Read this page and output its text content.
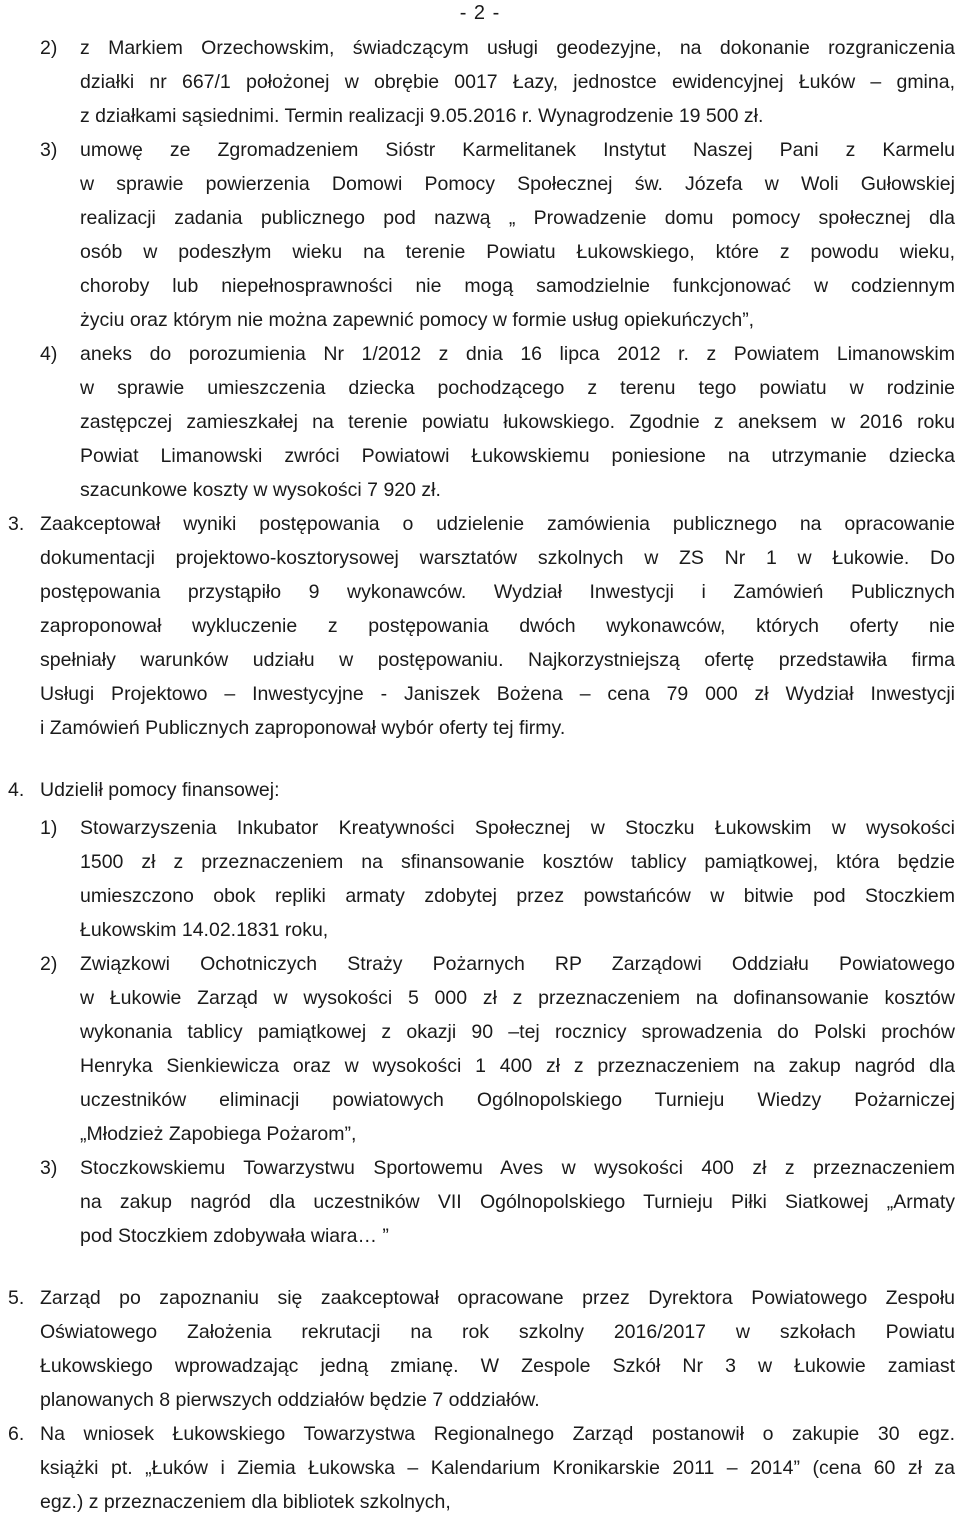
- 2 -
2) z Markiem Orzechowskim, świadczącym usługi geodezyjne, na dokonanie rozgraniczenia
działki nr 667/1 położonej w obrębie 0017 Łazy, jednostce ewidencyjnej Łuków – gmina,
z działkami sąsiednimi. Termin realizacji 9.05.2016 r. Wynagrodzenie 19 500 zł.
3) umowę ze Zgromadzeniem Sióstr Karmelitanek Instytut Naszej Pani z Karmelu
w sprawie powierzenia Domowi Pomocy Społecznej św. Józefa w Woli Gułowskiej
realizacji zadania publicznego pod nazwą „ Prowadzenie domu pomocy społecznej dla
osób w podeszłym wieku na terenie Powiatu Łukowskiego, które z powodu wieku,
choroby lub niepełnosprawności nie mogą samodzielnie funkcjonować w codziennym
życiu oraz którym nie można zapewnić pomocy w formie usług opiekuńczych”,
4) aneks do porozumienia Nr 1/2012 z dnia 16 lipca 2012 r. z Powiatem Limanowskim
w sprawie umieszczenia dziecka pochodzącego z terenu tego powiatu w rodzinie
zastępczej zamieszkałej na terenie powiatu łukowskiego. Zgodnie z aneksem w 2016 roku
Powiat Limanowski zwróci Powiatowi Łukowskiemu poniesione na utrzymanie dziecka
szacunkowe koszty w wysokości 7 920 zł.
3. Zaakceptował wyniki postępowania o udzielenie zamówienia publicznego na opracowanie
dokumentacji projektowo-kosztorysowej warsztatów szkolnych w ZS Nr 1 w Łukowie. Do
postępowania przystąpiło 9 wykonawców. Wydział Inwestycji i Zamówień Publicznych
zaproponował wykluczenie z postępowania dwóch wykonawców, których oferty nie
spełniały warunków udziału w postępowaniu. Najkorzystniejszą ofertę przedstawiła firma
Usługi Projektowo – Inwestycyjne - Janiszek Bożena – cena 79 000 zł Wydział Inwestycji
i Zamówień Publicznych zaproponował wybór oferty tej firmy.
4. Udzielił pomocy finansowej:
1) Stowarzyszenia Inkubator Kreatywności Społecznej w Stoczku Łukowskim w wysokości
1500 zł z przeznaczeniem na sfinansowanie kosztów tablicy pamiątkowej, która będzie
umieszczono obok repliki armaty zdobytej przez powstańców w bitwie pod Stoczkiem
Łukowskim 14.02.1831 roku,
2) Związkowi Ochotniczych Straży Pożarnych RP Zarządowi Oddziału Powiatowego
w Łukowie Zarząd w wysokości 5 000 zł z przeznaczeniem na dofinansowanie kosztów
wykonania tablicy pamiątkowej z okazji 90 –tej rocznicy sprowadzenia do Polski prochów
Henryka Sienkiewicza oraz w wysokości 1 400 zł z przeznaczeniem na zakup nagród dla
uczestników eliminacji powiatowych Ogólnopolskiego Turnieju Wiedzy Pożarniczej
„Młodzież Zapobiega Pożarom”,
3) Stoczkowskiemu Towarzystwu Sportowemu Aves w wysokości 400 zł z przeznaczeniem
na zakup nagród dla uczestników VII Ogólnopolskiego Turnieju Piłki Siatkowej „Armaty
pod Stoczkiem zdobywała wiara… ”
5. Zarząd po zapoznaniu się zaakceptował opracowane przez Dyrektora Powiatowego Zespołu
Oświatowego Założenia rekrutacji na rok szkolny 2016/2017 w szkołach Powiatu
Łukowskiego wprowadzając jedną zmianę. W Zespole Szkół Nr 3 w Łukowie zamiast
planowanych 8 pierwszych oddziałów będzie 7 oddziałów.
6. Na wniosek Łukowskiego Towarzystwa Regionalnego Zarząd postanowił o zakupie 30 egz.
książki pt. „Łuków i Ziemia Łukowska – Kalendarium Kronikarskie 2011 – 2014” (cena 60 zł za
egz.) z przeznaczeniem dla bibliotek szkolnych,
